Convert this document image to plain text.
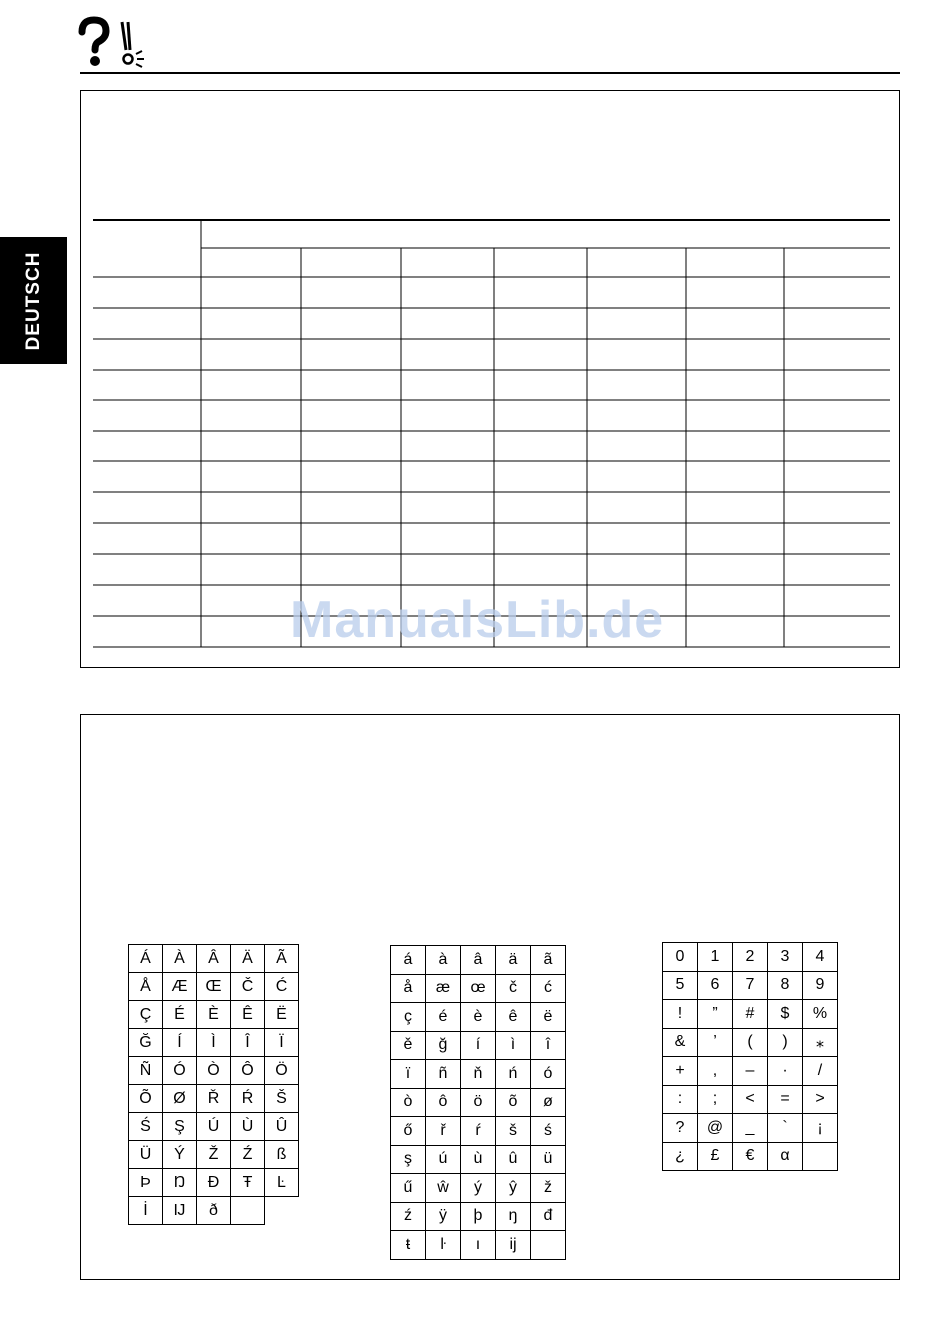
DEUTSCH
ManualsLib.de
Á	À	Â	Ä	Ã
Å	Æ	Œ	Č	Ć
Ç	É	È	Ê	Ë
Ğ	Í	Ì	Î	Ï
Ñ	Ó	Ò	Ô	Ö
Õ	Ø	Ř	Ŕ	Š
Ś	Ş	Ú	Ù	Û
Ü	Ý	Ž	Ź	ß
Þ	Ŋ	Đ	Ŧ	Ŀ
İ	Ĳ	ð		
á	à	â	ä	ã
å	æ	œ	č	ć
ç	é	è	ê	ë
ě	ğ	í	ì	î
ï	ñ	ň	ń	ó
ò	ô	ö	õ	ø
ő	ř	ŕ	š	ś
ş	ú	ù	û	ü
ű	ŵ	ý	ŷ	ž
ź	ÿ	þ	ŋ	đ
ŧ	ŀ	ı	ĳ	
0	1	2	3	4
5	6	7	8	9
!	”	#	$	%
&	’	(	)	⁎
+	,	–	·	/
:	;	<	=	>
?	@	_	`	¡
¿	£	€	α	
